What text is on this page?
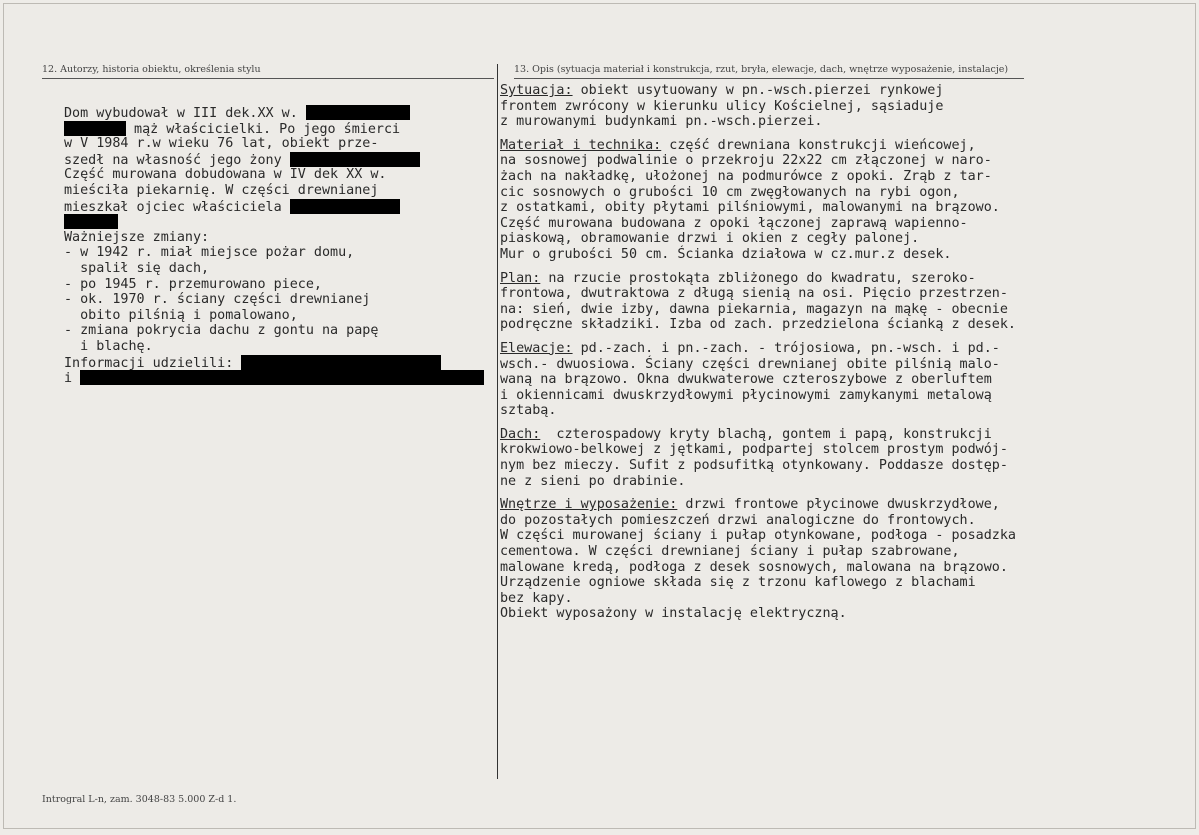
12. Autorzy, historia obiektu, określenia stylu	13. Opis (sytuacja materiał i konstrukcja, rzut, bryła, elewacje, dach, wnętrze wyposażenie, instalacje)
Dom wybudował w III dek.XX w.
mąż właścicielki. Po jego śmierci
w V 1984 r.w wieku 76 lat, obiekt prze-
szedł na własność jego żony
Część murowana dobudowana w IV dek XX w.
mieściła piekarnię. W części drewnianej
mieszkał ojciec właściciela
Ważniejsze zmiany:
- w 1942 r. miał miejsce pożar domu,
spalił się dach,
- po 1945 r. przemurowano piece,
- ok. 1970 r. ściany części drewnianej
obito pilśnią i pomalowano,
- zmiana pokrycia dachu z gontu na papę
i blachę.
Informacji udzielili:
i
Sytuacja: obiekt usytuowany w pn.-wsch.pierzei rynkowej
frontem zwrócony w kierunku ulicy Kościelnej, sąsiaduje
z murowanymi budynkami pn.-wsch.pierzei.
Materiał i technika: część drewniana konstrukcji wieńcowej,
na sosnowej podwalinie o przekroju 22x22 cm złączonej w naro-
żach na nakładkę, ułożonej na podmurówce z opoki. Zrąb z tar-
cic sosnowych o grubości 10 cm zwęgłowanych na rybi ogon,
z ostatkami, obity płytami pilśniowymi, malowanymi na brązowo.
Część murowana budowana z opoki łączonej zaprawą wapienno-
piaskową, obramowanie drzwi i okien z cegły palonej.
Mur o grubości 50 cm. Ścianka działowa w cz.mur.z desek.
Plan: na rzucie prostokąta zbliżonego do kwadratu, szeroko-
frontowa, dwutraktowa z długą sienią na osi. Pięcio przestrzen-
na: sień, dwie izby, dawna piekarnia, magazyn na mąkę - obecnie
podręczne składziki. Izba od zach. przedzielona ścianką z desek.
Elewacje: pd.-zach. i pn.-zach. - trójosiowa, pn.-wsch. i pd.-
wsch.- dwuosiowa. Ściany części drewnianej obite pilśnią malo-
waną na brązowo. Okna dwukwaterowe czteroszybowe z oberluftem
i okiennicami dwuskrzydłowymi płycinowymi zamykanymi metalową
sztabą.
Dach:  czterospadowy kryty blachą, gontem i papą, konstrukcji
krokwiowo-belkowej z jętkami, podpartej stolcem prostym podwój-
nym bez mieczy. Sufit z podsufitką otynkowany. Poddasze dostęp-
ne z sieni po drabinie.
Wnętrze i wyposażenie: drzwi frontowe płycinowe dwuskrzydłowe,
do pozostałych pomieszczeń drzwi analogiczne do frontowych.
W części murowanej ściany i pułap otynkowane, podłoga - posadzka
cementowa. W części drewnianej ściany i pułap szabrowane,
malowane kredą, podłoga z desek sosnowych, malowana na brązowo.
Urządzenie ogniowe składa się z trzonu kaflowego z blachami
bez kapy.
Obiekt wyposażony w instalację elektryczną.
Introgral L-n, zam. 3048-83 5.000 Z-d 1.
